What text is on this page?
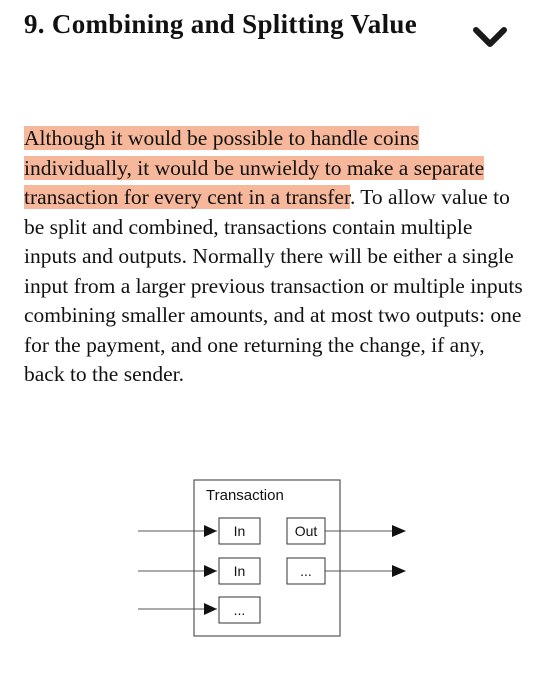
9. Combining and Splitting Value

Although it would be possible to handle coins individually, it would be unwieldy to make a separate transaction for every cent in a transfer. To allow value to be split and combined, transactions contain multiple inputs and outputs. Normally there will be either a single input from a larger previous transaction or multiple inputs combining smaller amounts, and at most two outputs: one for the payment, and one returning the change, if any, back to the sender.

Transaction
In
In
...
Out
...
